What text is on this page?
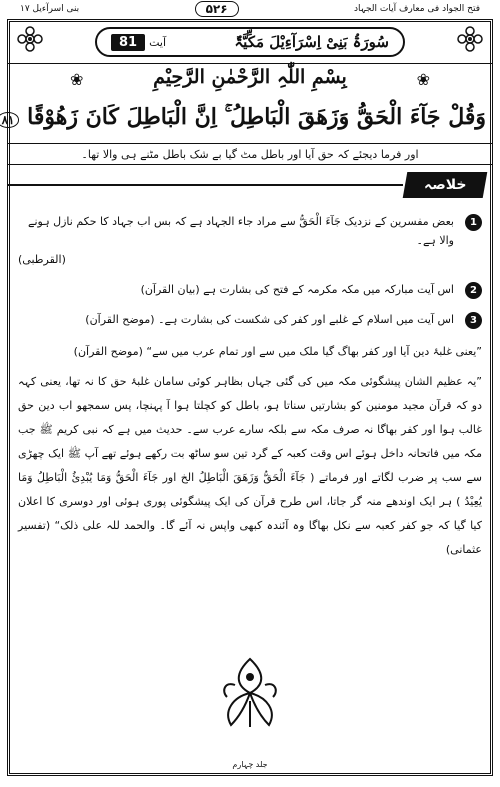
فتح الجواد فی معارف آیات الجہاد
۵۲۶
بنی اسرآءیل ۱۷
سُورَۃُ بَنِیْ اِسْرَآءِیْلَ مَکِّیَّۃٌ
آیت
81
❀	بِسْمِ اللّٰہِ الرَّحْمٰنِ الرَّحِیْمِ	❀
وَقُلْ جَآءَ الْحَقُّ وَزَهَقَ الْبَاطِلُ ۚ اِنَّ الْبَاطِلَ كَانَ زَهُوْقًا ۸۱
اور فرما دیجئے کہ حق آیا اور باطل مٹ گیا بے شک باطل مٹنے ہی والا تھا۔
خلاصہ
1
بعض مفسرین کے نزدیک جَآءَ الْحَقُّ سے مراد جاء الجہاد ہے کہ بس اب جہاد کا حکم نازل ہونے والا ہے۔
(القرطبی)
2
اس آیت مبارکہ میں مکہ مکرمہ کے فتح کی بشارت ہے (بیان القرآن)
3
اس آیت میں اسلام کے غلبے اور کفر کی شکست کی بشارت ہے۔ (موضح القرآن)
”یعنی غلبۂ دین آیا اور کفر بھاگ گیا ملک میں سے اور تمام عرب میں سے“ (موضح القرآن)
”یہ عظیم الشان پیشگوئی مکہ میں کی گئی جہاں بظاہر کوئی سامان غلبۂ حق کا نہ تھا، یعنی کہہ دو کہ قرآن مجید مومنین کو بشارتیں سناتا ہو، باطل کو کچلتا ہوا آ پہنچا، پس سمجھو اب دین حق غالب ہوا اور کفر بھاگا نہ صرف مکہ سے بلکہ سارے عرب سے۔ حدیث میں ہے کہ نبی کریم ﷺ جب مکہ میں فاتحانہ داخل ہوئے اس وقت کعبہ کے گرد تین سو ساٹھ بت رکھے ہوئے تھے آپ ﷺ ایک چھڑی سے سب پر ضرب لگاتے اور فرماتے ( جَآءَ الْحَقُّ وَزَهَقَ الْبَاطِلُ الخ اور جَآءَ الْحَقُّ وَمَا يُبْدِئُ الْبَاطِلُ وَمَا يُعِيْدُ ) ہر ایک اوندھے منہ گر جاتا، اس طرح قرآن کی ایک پیشگوئی پوری ہوئی اور دوسری کا اعلان کیا گیا کہ جو کفر کعبہ سے نکل بھاگا وہ آئندہ کبھی واپس نہ آئے گا۔ والحمد للہ علی ذلک“ (تفسیر عثمانی)
جلد چہارم
